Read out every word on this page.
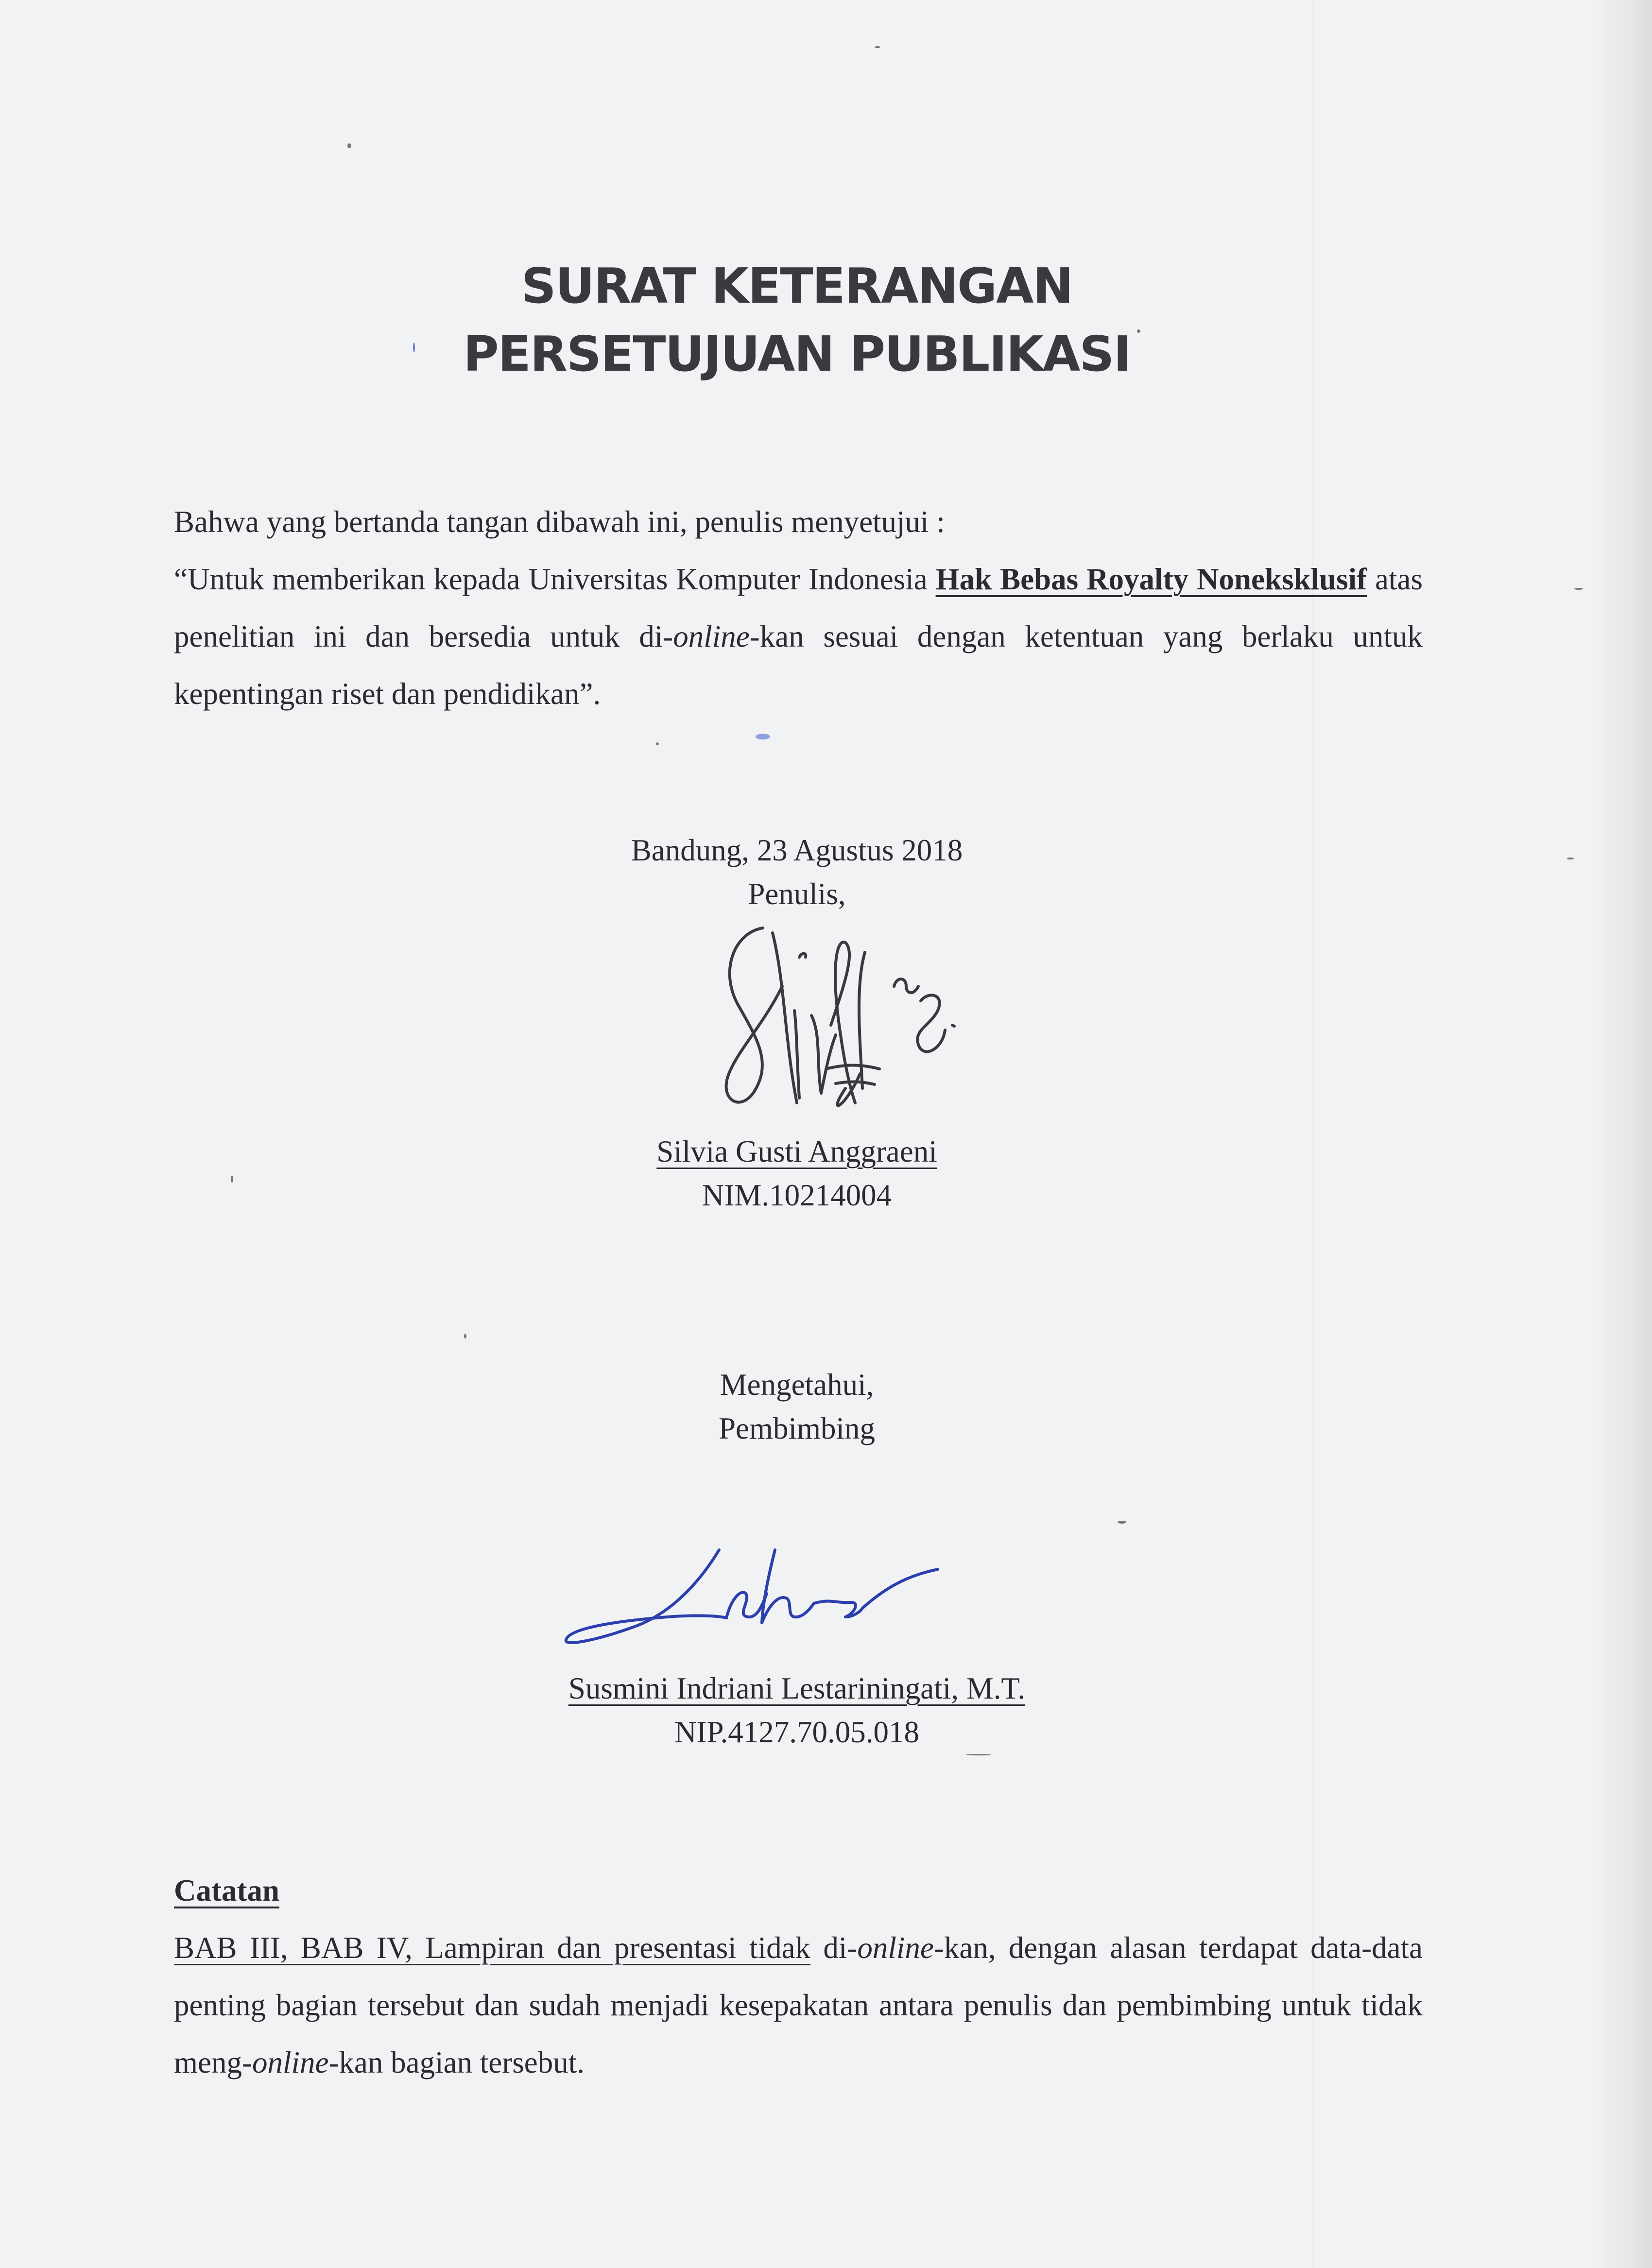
SURAT KETERANGAN
PERSETUJUAN PUBLIKASI

Bahwa yang bertanda tangan dibawah ini, penulis menyetujui :

“Untuk memberikan kepada Universitas Komputer Indonesia Hak Bebas Royalty Noneksklusif atas penelitian ini dan bersedia untuk di-online-kan sesuai dengan ketentuan yang berlaku untuk kepentingan riset dan pendidikan”.

Bandung, 23 Agustus 2018
Penulis,
Silvia Gusti Anggraeni
NIM.10214004
Mengetahui,
Pembimbing
Susmini Indriani Lestariningati, M.T.
NIP.4127.70.05.018
Catatan

BAB III, BAB IV, Lampiran dan presentasi tidak di-online-kan, dengan alasan terdapat data-data penting bagian tersebut dan sudah menjadi kesepakatan antara penulis dan pembimbing untuk tidak meng-online-kan bagian tersebut.
